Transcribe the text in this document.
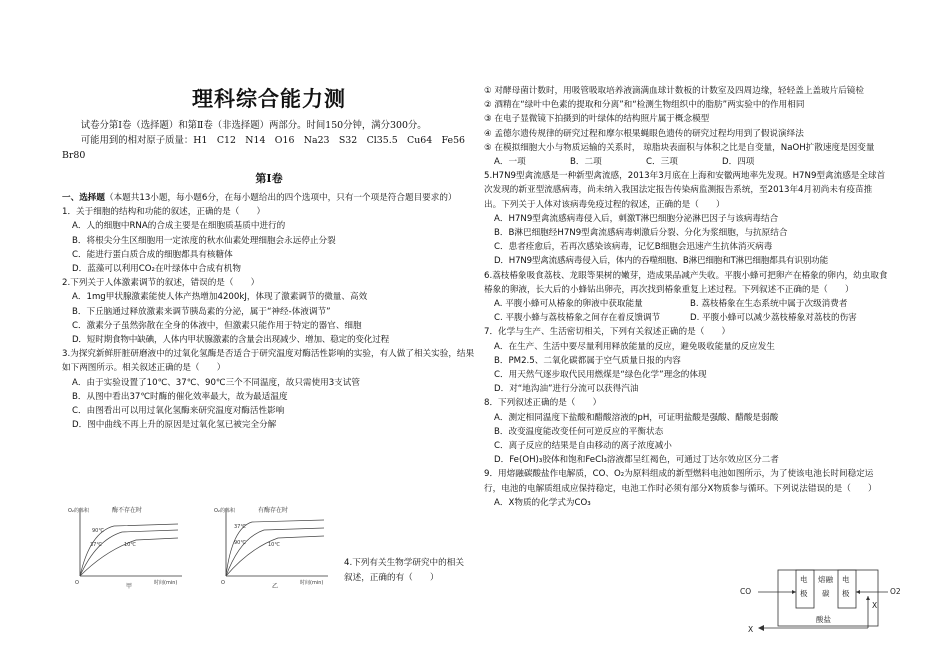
理科综合能力测
试卷分第Ⅰ卷（选择题）和第Ⅱ卷（非选择题）两部分。时间150分钟，满分300分。
可能用到的相对原子质量：H1　C12　N14　O16　Na23　S32　Cl35.5　Cu64　Fe56　Br80
第Ⅰ卷
一、选择题（本题共13小题，每小题6分，在每小题给出的四个选项中，只有一个项是符合题目要求的）
1．关于细胞的结构和功能的叙述，正确的是（　　）
A．人的细胞中RNA的合成主要是在细胞质基质中进行的
B．将根尖分生区细胞用一定浓度的秋水仙素处理细胞会永远停止分裂
C．能进行蛋白质合成的细胞都具有核糖体
D．蓝藻可以利用CO₂在叶绿体中合成有机物
2.下列关于人体激素调节的叙述，错误的是（　　）
A．1mg甲状腺激素能使人体产热增加4200kJ，体现了激素调节的微量、高效
B．下丘脑通过释放激素来调节胰岛素的分泌，属于“神经-体液调节”
C．激素分子虽然弥散在全身的体液中，但激素只能作用于特定的器官、细胞
D．短时期食物中缺碘，人体内甲状腺激素的含量会出现减少、增加、稳定的变化过程
3.为探究新鲜肝脏研磨液中的过氧化氢酶是否适合于研究温度对酶活性影响的实验，有人做了相关实验，结果如下两图所示。相关叙述正确的是（　　）
A．由于实验设置了10℃、37℃、90℃三个不同温度，故只需使用3支试管
B．从图中看出37℃时酶的催化效率最大，故为最适温度
C．由图看出可以用过氧化氢酶来研究温度对酶活性影响
D．图中曲线不再上升的原因是过氧化氢已被完全分解
O₂的体积	酶不存在时
O	时间(min)
甲
90℃
37℃	10℃
O₂的体积	有酶存在时
O	时间(min)
乙
37℃
90℃	10℃
4.下列有关生物学研究中的相关叙述，正确的有（　　）
① 对酵母菌计数时，用吸管吸取培养液滴满血球计数板的计数室及四周边缘，轻轻盖上盖玻片后镜检
② 酒精在“绿叶中色素的提取和分离”和“检测生物组织中的脂肪”两实验中的作用相同
③ 在电子显微镜下拍摄到的叶绿体的结构照片属于概念模型
④ 孟德尔遗传规律的研究过程和摩尔根果蝇眼色遗传的研究过程均用到了假说演绎法
⑤ 在模拟细胞大小与物质运输的关系时， 琼脂块表面积与体积之比是自变量，NaOH扩散速度是因变量
A．一项	B．二项	C．三项	D．四项
5.H7N9型禽流感是一种新型禽流感，2013年3月底在上海和安徽两地率先发现。H7N9型禽流感是全球首次发现的新亚型流感病毒，尚未纳入我国法定报告传染病监测报告系统，至2013年4月初尚未有疫苗推出。下列关于人体对该病毒免疫过程的叙述，正确的是（　　）
A．H7N9型禽流感病毒侵入后，刺激T淋巴细胞分泌淋巴因子与该病毒结合
B．B淋巴细胞经H7N9型禽流感病毒刺激后分裂、分化为浆细胞，与抗原结合
C．患者痊愈后，若再次感染该病毒，记忆B细胞会迅速产生抗体消灭病毒
D．H7N9型禽流感病毒侵入后，体内的吞噬细胞、B淋巴细胞和T淋巴细胞都具有识别功能
6.荔枝椿象吸食荔枝、龙眼等果树的嫩芽，造成果品减产失收。平腹小蜂可把卵产在椿象的卵内，幼虫取食椿象的卵液，长大后的小蜂钻出卵壳，再次找到椿象重复上述过程。下列叙述不正确的是（　　）
A. 平腹小蜂可从椿象的卵液中获取能量	B. 荔枝椿象在生态系统中属于次级消费者
C. 平腹小蜂与荔枝椿象之间存在着反馈调节	D. 平腹小蜂可以减少荔枝椿象对荔枝的伤害
7．化学与生产、生活密切相关，下列有关叙述正确的是（　　）
A．在生产、生活中要尽量利用释放能量的反应，避免吸收能量的反应发生
B．PM2.5、二氧化碳都属于空气质量日报的内容
C．用天然气逐步取代民用燃煤是“绿色化学”理念的体现
D．对“地沟油”进行分流可以获得汽油
8．下列叙述正确的是（　　）
A．测定相同温度下盐酸和醋酸溶液的pH，可证明盐酸是强酸、醋酸是弱酸
B．改变温度能改变任何可逆反应的平衡状态
C．离子反应的结果是自由移动的离子浓度减小
D．Fe(OH)₃胶体和饱和FeCl₃溶液都呈红褐色，可通过丁达尔效应区分二者
9．用熔融碳酸盐作电解质，CO、O₂为原料组成的新型燃料电池如图所示，为了使该电池长时间稳定运行，电池的电解质组成应保持稳定，电池工作时必须有部分X物质参与循环。下列说法错误的是（　　）
A．X物质的化学式为CO₃
电
极
电
极
熔融
碳
酸盐
CO	O2
X
X
